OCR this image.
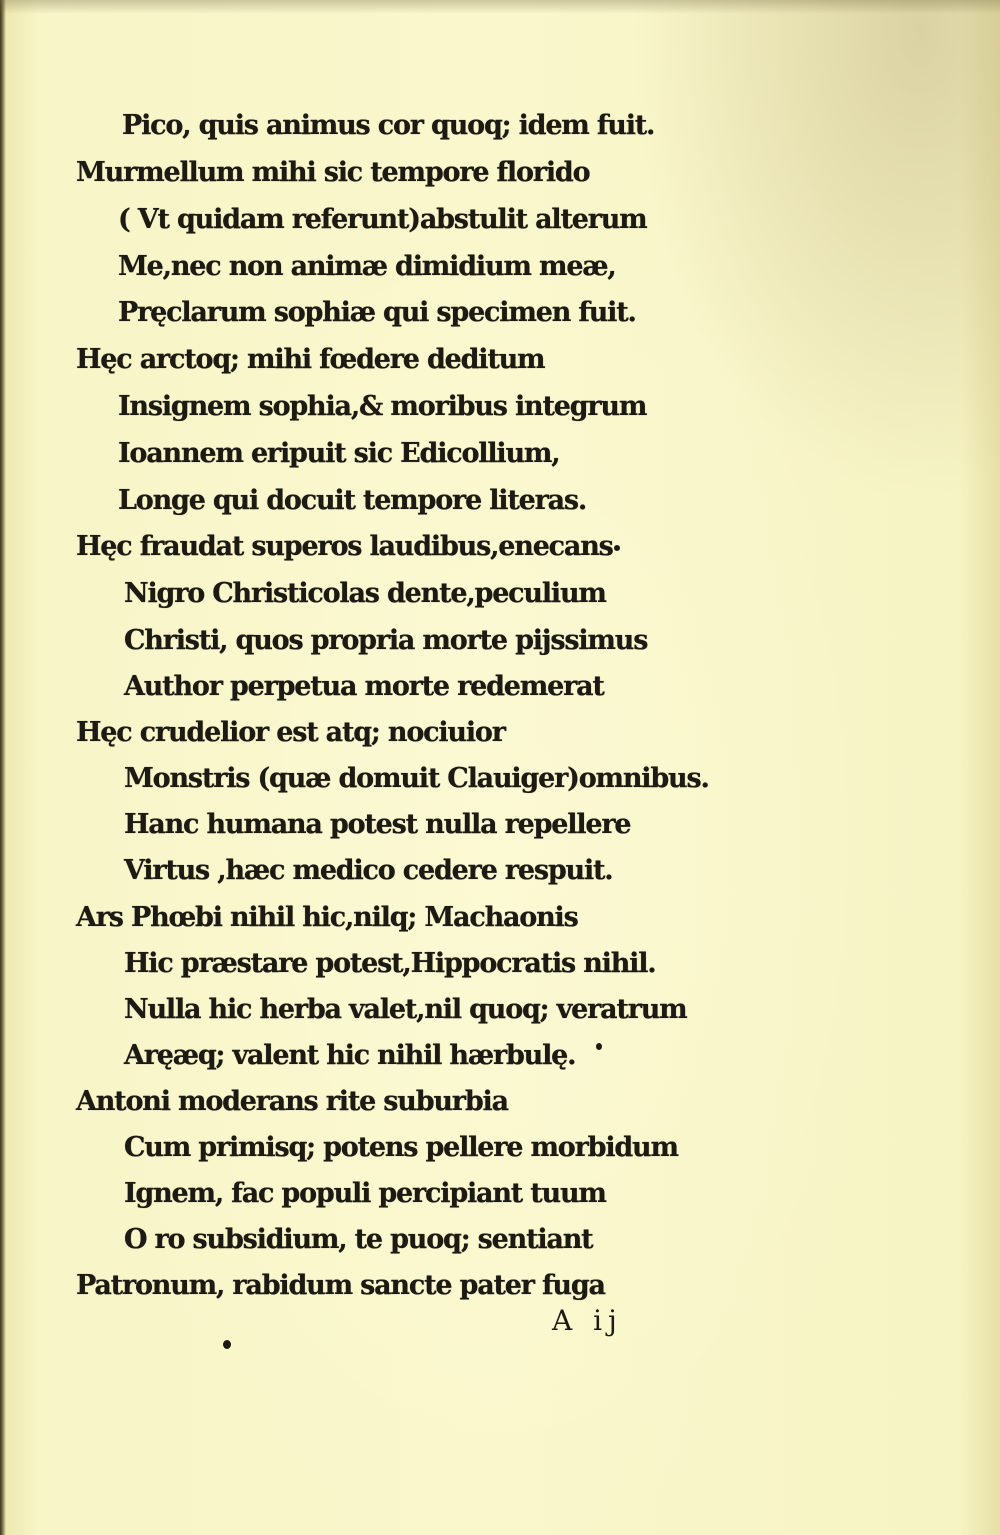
Pico, quis animus cor quoq; idem fuit.

Murmellum mihi sic tempore florido

( Vt quidam referunt)abstulit alterum

Me,nec non animæ dimidium meæ,

Pręclarum sophiæ qui specimen fuit.

Hęc arctoq; mihi fœdere deditum

Insignem sophia,& moribus integrum

Ioannem eripuit sic Edicollium,

Longe qui docuit tempore literas.

Hęc fraudat superos laudibus,enecans

Nigro Christicolas dente,peculium

Christi, quos propria morte pijssimus

Author perpetua morte redemerat

Hęc crudelior est atq; nociuior

Monstris (quæ domuit Clauiger)omnibus.

Hanc humana potest nulla repellere

Virtus ,hæc medico cedere respuit.

Ars Phœbi nihil hic,nilq; Machaonis

Hic præstare potest,Hippocratis nihil.

Nulla hic herba valet,nil quoq; veratrum

Aręæq; valent hic nihil hærbulę.

Antoni moderans rite suburbia

Cum primisq; potens pellere morbidum

Ignem, fac populi percipiant tuum

O ro subsidium, te puoq; sentiant

Patronum, rabidum sancte pater fuga

A ij
